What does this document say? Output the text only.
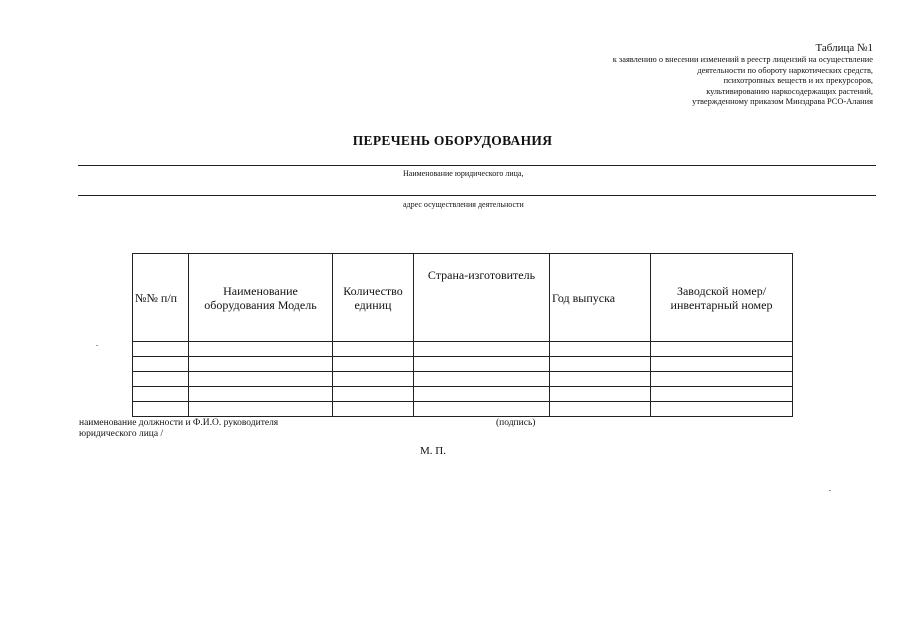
Таблица №1
к заявлению о внесении изменений в реестр лицензий на осуществление
деятельности по обороту наркотических средств,
психотропных веществ и их прекурсоров,
культивированию наркосодержащих растений,
утвержденному приказом Минздрава РСО-Алания
ПЕРЕЧЕНЬ ОБОРУДОВАНИЯ
Наименование юридического лица,
адрес осуществления деятельности
№№ п/п	Наименование оборудования Модель	Количество единиц	Страна-изготовитель	Год выпуска	Заводской номер/ инвентарный номер

наименование должности и Ф.И.О. руководителя
юридического лица /
(подпись)
М. П.
